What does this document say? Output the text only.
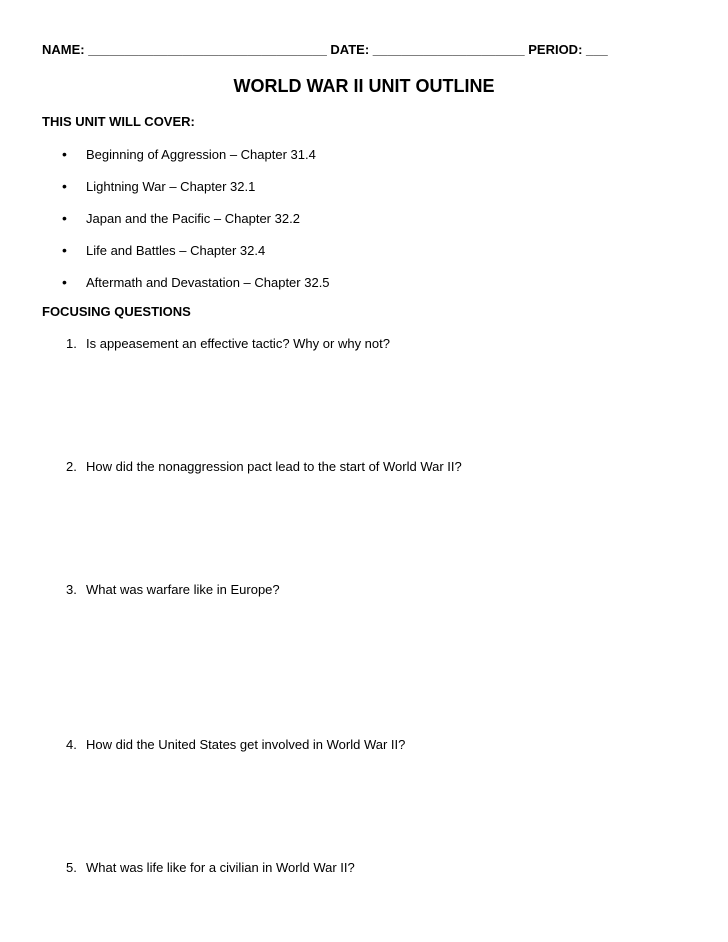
NAME: _________________________________ DATE: _____________________ PERIOD: ___
WORLD WAR II UNIT OUTLINE
THIS UNIT WILL COVER:
• Beginning of Aggression – Chapter 31.4
• Lightning War – Chapter 32.1
• Japan and the Pacific – Chapter 32.2
• Life and Battles – Chapter 32.4
• Aftermath and Devastation – Chapter 32.5
FOCUSING QUESTIONS
1. Is appeasement an effective tactic? Why or why not?
2. How did the nonaggression pact lead to the start of World War II?
3. What was warfare like in Europe?
4. How did the United States get involved in World War II?
5. What was life like for a civilian in World War II?
